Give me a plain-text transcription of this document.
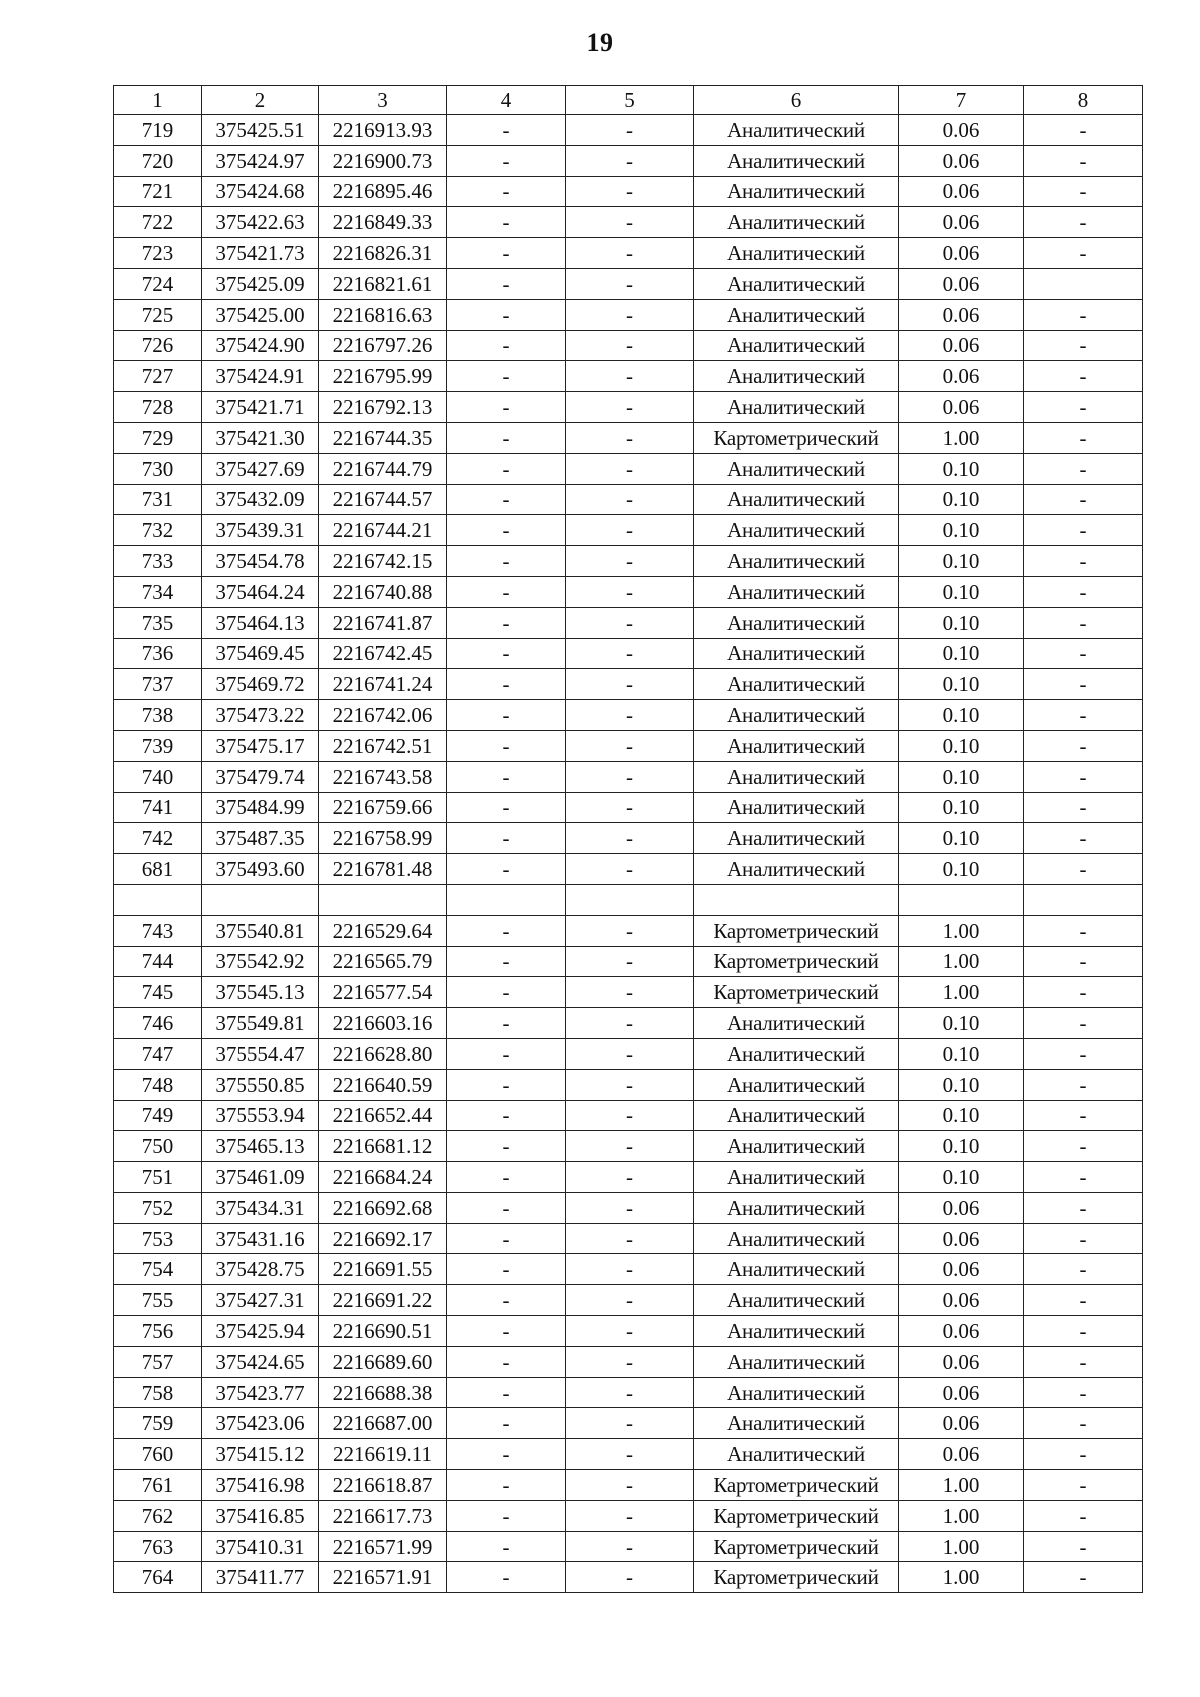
19
1	2	3	4	5	6	7	8
719	375425.51	2216913.93	-	-	Аналитический	0.06	-
720	375424.97	2216900.73	-	-	Аналитический	0.06	-
721	375424.68	2216895.46	-	-	Аналитический	0.06	-
722	375422.63	2216849.33	-	-	Аналитический	0.06	-
723	375421.73	2216826.31	-	-	Аналитический	0.06	-
724	375425.09	2216821.61	-	-	Аналитический	0.06	
725	375425.00	2216816.63	-	-	Аналитический	0.06	-
726	375424.90	2216797.26	-	-	Аналитический	0.06	-
727	375424.91	2216795.99	-	-	Аналитический	0.06	-
728	375421.71	2216792.13	-	-	Аналитический	0.06	-
729	375421.30	2216744.35	-	-	Картометрический	1.00	-
730	375427.69	2216744.79	-	-	Аналитический	0.10	-
731	375432.09	2216744.57	-	-	Аналитический	0.10	-
732	375439.31	2216744.21	-	-	Аналитический	0.10	-
733	375454.78	2216742.15	-	-	Аналитический	0.10	-
734	375464.24	2216740.88	-	-	Аналитический	0.10	-
735	375464.13	2216741.87	-	-	Аналитический	0.10	-
736	375469.45	2216742.45	-	-	Аналитический	0.10	-
737	375469.72	2216741.24	-	-	Аналитический	0.10	-
738	375473.22	2216742.06	-	-	Аналитический	0.10	-
739	375475.17	2216742.51	-	-	Аналитический	0.10	-
740	375479.74	2216743.58	-	-	Аналитический	0.10	-
741	375484.99	2216759.66	-	-	Аналитический	0.10	-
742	375487.35	2216758.99	-	-	Аналитический	0.10	-
681	375493.60	2216781.48	-	-	Аналитический	0.10	-

743	375540.81	2216529.64	-	-	Картометрический	1.00	-
744	375542.92	2216565.79	-	-	Картометрический	1.00	-
745	375545.13	2216577.54	-	-	Картометрический	1.00	-
746	375549.81	2216603.16	-	-	Аналитический	0.10	-
747	375554.47	2216628.80	-	-	Аналитический	0.10	-
748	375550.85	2216640.59	-	-	Аналитический	0.10	-
749	375553.94	2216652.44	-	-	Аналитический	0.10	-
750	375465.13	2216681.12	-	-	Аналитический	0.10	-
751	375461.09	2216684.24	-	-	Аналитический	0.10	-
752	375434.31	2216692.68	-	-	Аналитический	0.06	-
753	375431.16	2216692.17	-	-	Аналитический	0.06	-
754	375428.75	2216691.55	-	-	Аналитический	0.06	-
755	375427.31	2216691.22	-	-	Аналитический	0.06	-
756	375425.94	2216690.51	-	-	Аналитический	0.06	-
757	375424.65	2216689.60	-	-	Аналитический	0.06	-
758	375423.77	2216688.38	-	-	Аналитический	0.06	-
759	375423.06	2216687.00	-	-	Аналитический	0.06	-
760	375415.12	2216619.11	-	-	Аналитический	0.06	-
761	375416.98	2216618.87	-	-	Картометрический	1.00	-
762	375416.85	2216617.73	-	-	Картометрический	1.00	-
763	375410.31	2216571.99	-	-	Картометрический	1.00	-
764	375411.77	2216571.91	-	-	Картометрический	1.00	-
